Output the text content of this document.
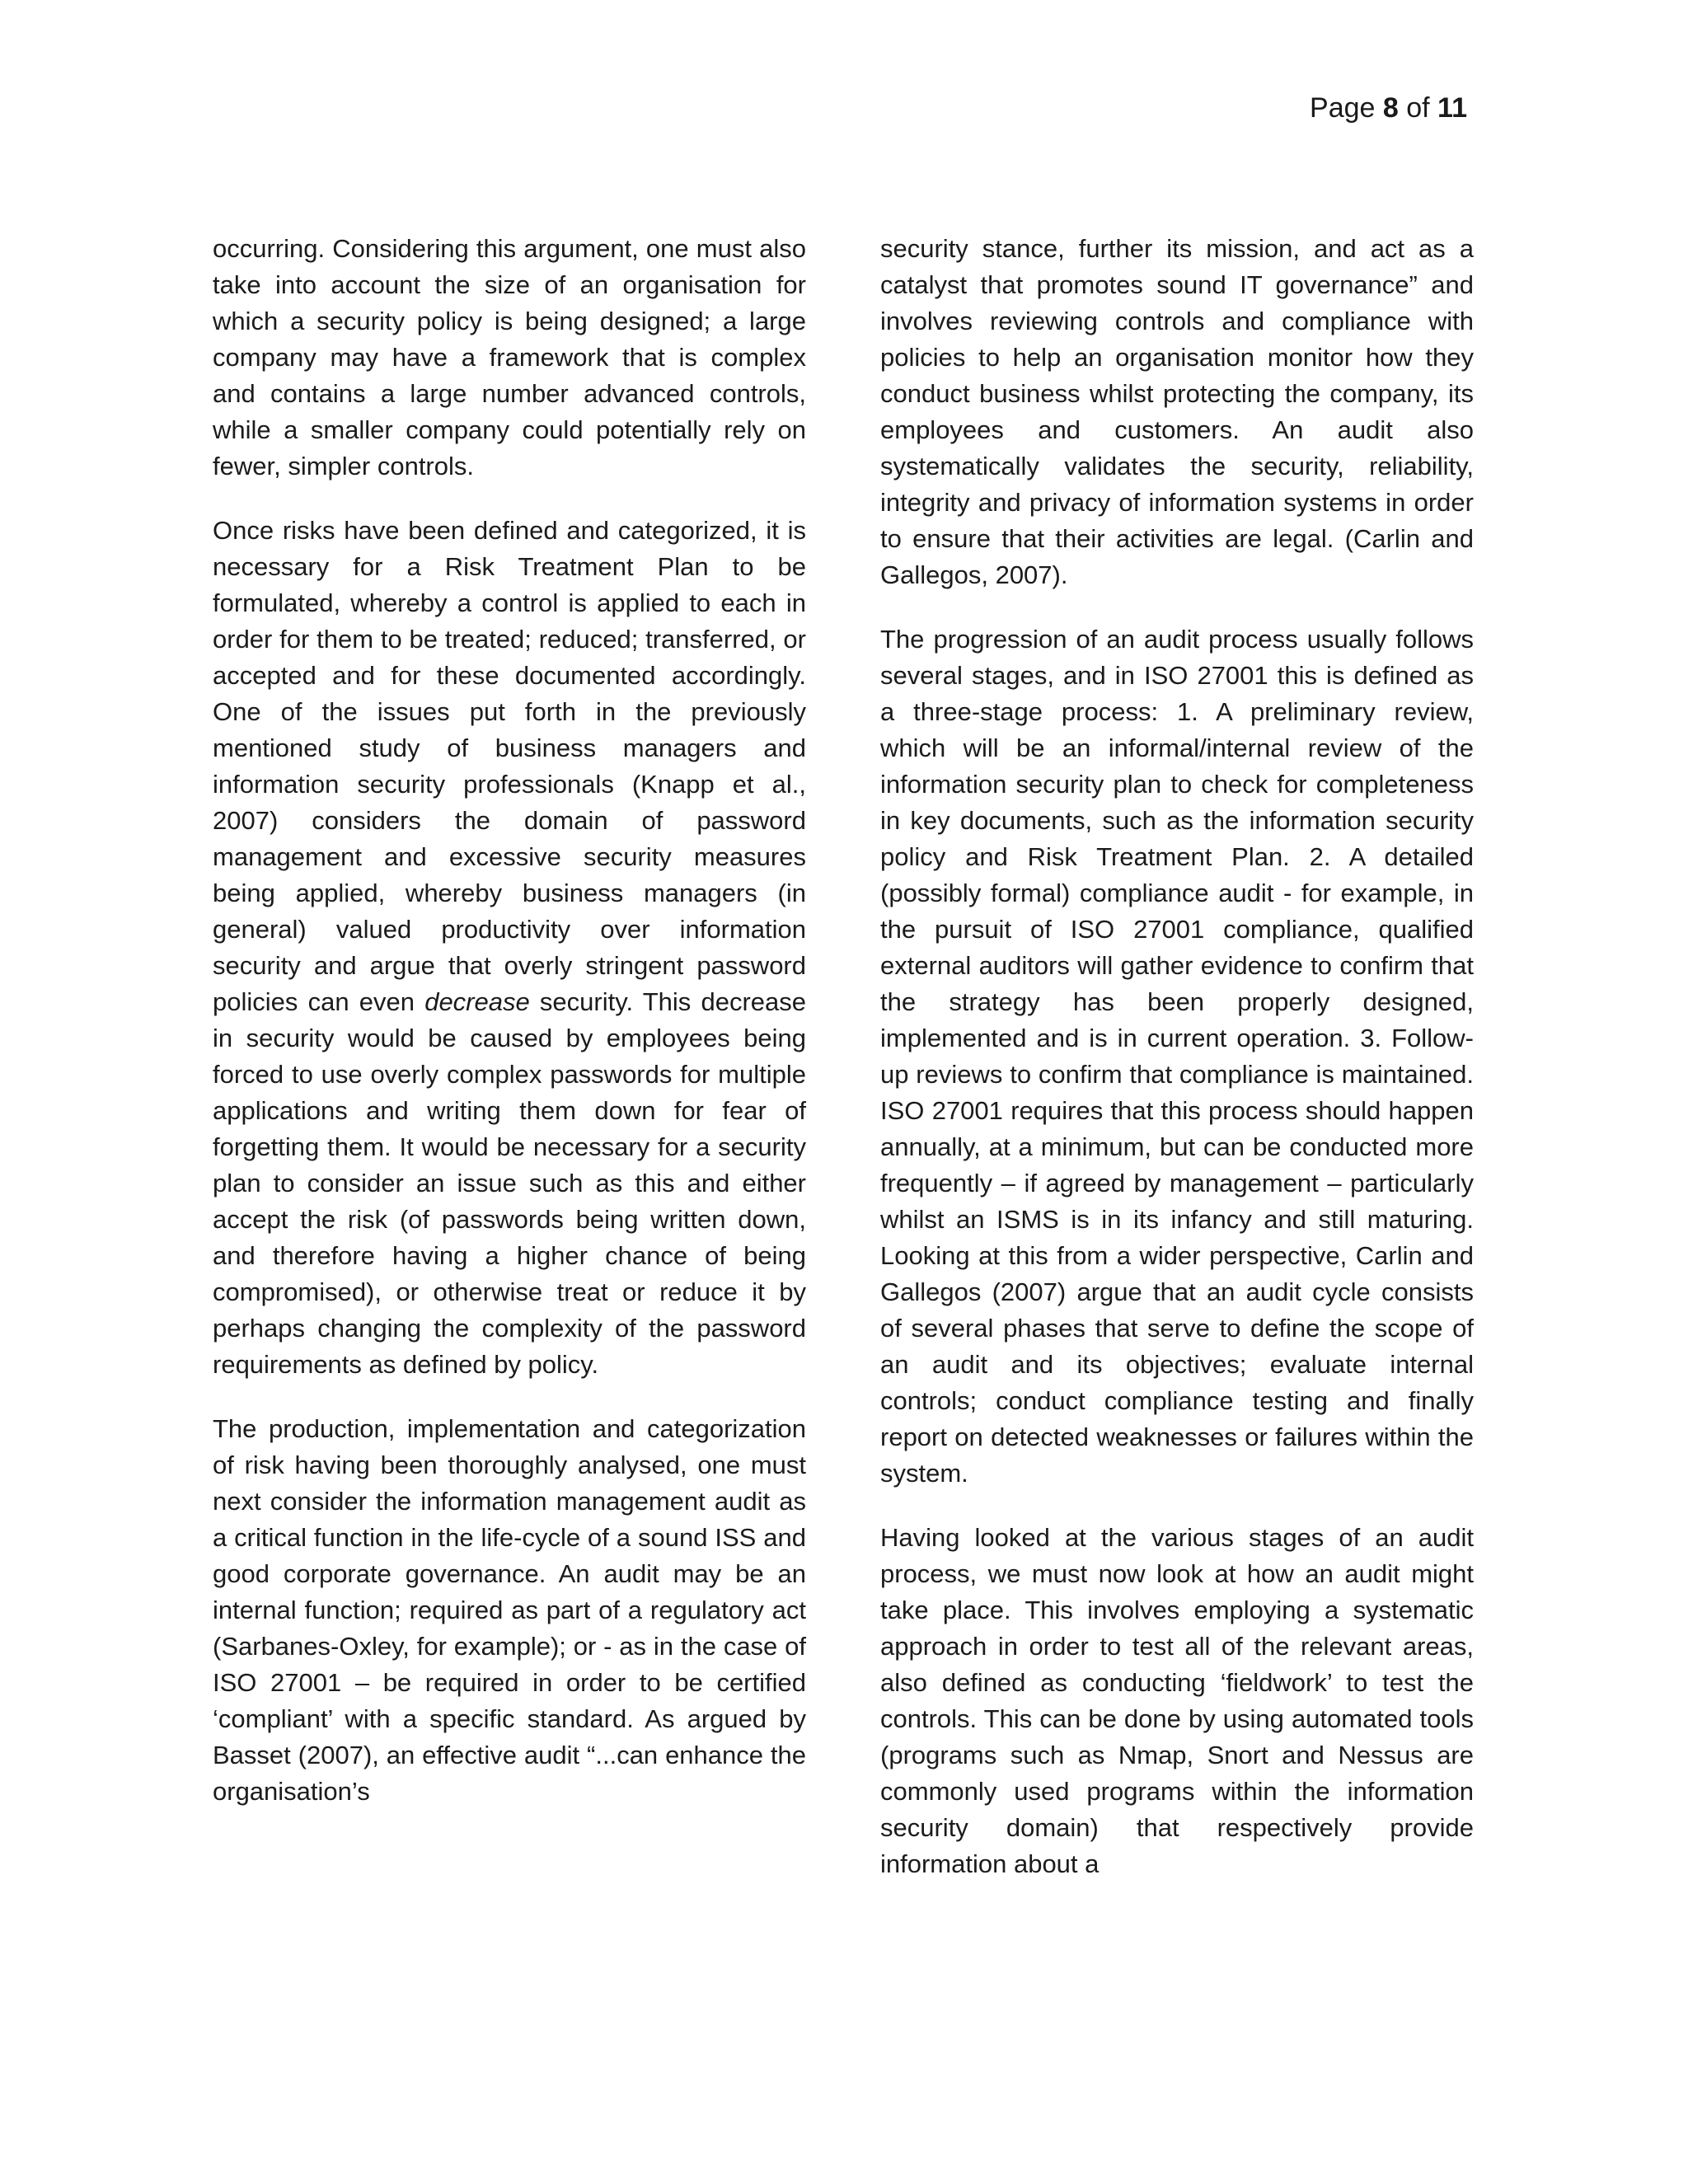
Page 8 of 11

occurring. Considering this argument, one must also take into account the size of an organisation for which a security policy is being designed; a large company may have a framework that is complex and contains a large number advanced controls, while a smaller company could potentially rely on fewer, simpler controls.

Once risks have been defined and categorized, it is necessary for a Risk Treatment Plan to be formulated, whereby a control is applied to each in order for them to be treated; reduced; transferred, or accepted and for these documented accordingly. One of the issues put forth in the previously mentioned study of business managers and information security professionals (Knapp et al., 2007) considers the domain of password management and excessive security measures being applied, whereby business managers (in general) valued productivity over information security and argue that overly stringent password policies can even decrease security. This decrease in security would be caused by employees being forced to use overly complex passwords for multiple applications and writing them down for fear of forgetting them. It would be necessary for a security plan to consider an issue such as this and either accept the risk (of passwords being written down, and therefore having a higher chance of being compromised), or otherwise treat or reduce it by perhaps changing the complexity of the password requirements as defined by policy.

The production, implementation and categorization of risk having been thoroughly analysed, one must next consider the information management audit as a critical function in the life-cycle of a sound ISS and good corporate governance. An audit may be an internal function; required as part of a regulatory act (Sarbanes-Oxley, for example); or - as in the case of ISO 27001 – be required in order to be certified ‘compliant’ with a specific standard. As argued by Basset (2007), an effective audit “...can enhance the organisation’s

security stance, further its mission, and act as a catalyst that promotes sound IT governance” and involves reviewing controls and compliance with policies to help an organisation monitor how they conduct business whilst protecting the company, its employees and customers. An audit also systematically validates the security, reliability, integrity and privacy of information systems in order to ensure that their activities are legal. (Carlin and Gallegos, 2007).

The progression of an audit process usually follows several stages, and in ISO 27001 this is defined as a three-stage process: 1. A preliminary review, which will be an informal/internal review of the information security plan to check for completeness in key documents, such as the information security policy and Risk Treatment Plan. 2. A detailed (possibly formal) compliance audit - for example, in the pursuit of ISO 27001 compliance, qualified external auditors will gather evidence to confirm that the strategy has been properly designed, implemented and is in current operation. 3. Follow-up reviews to confirm that compliance is maintained. ISO 27001 requires that this process should happen annually, at a minimum, but can be conducted more frequently – if agreed by management – particularly whilst an ISMS is in its infancy and still maturing. Looking at this from a wider perspective, Carlin and Gallegos (2007) argue that an audit cycle consists of several phases that serve to define the scope of an audit and its objectives; evaluate internal controls; conduct compliance testing and finally report on detected weaknesses or failures within the system.

Having looked at the various stages of an audit process, we must now look at how an audit might take place. This involves employing a systematic approach in order to test all of the relevant areas, also defined as conducting ‘fieldwork’ to test the controls. This can be done by using automated tools (programs such as Nmap, Snort and Nessus are commonly used programs within the information security domain) that respectively provide information about a
